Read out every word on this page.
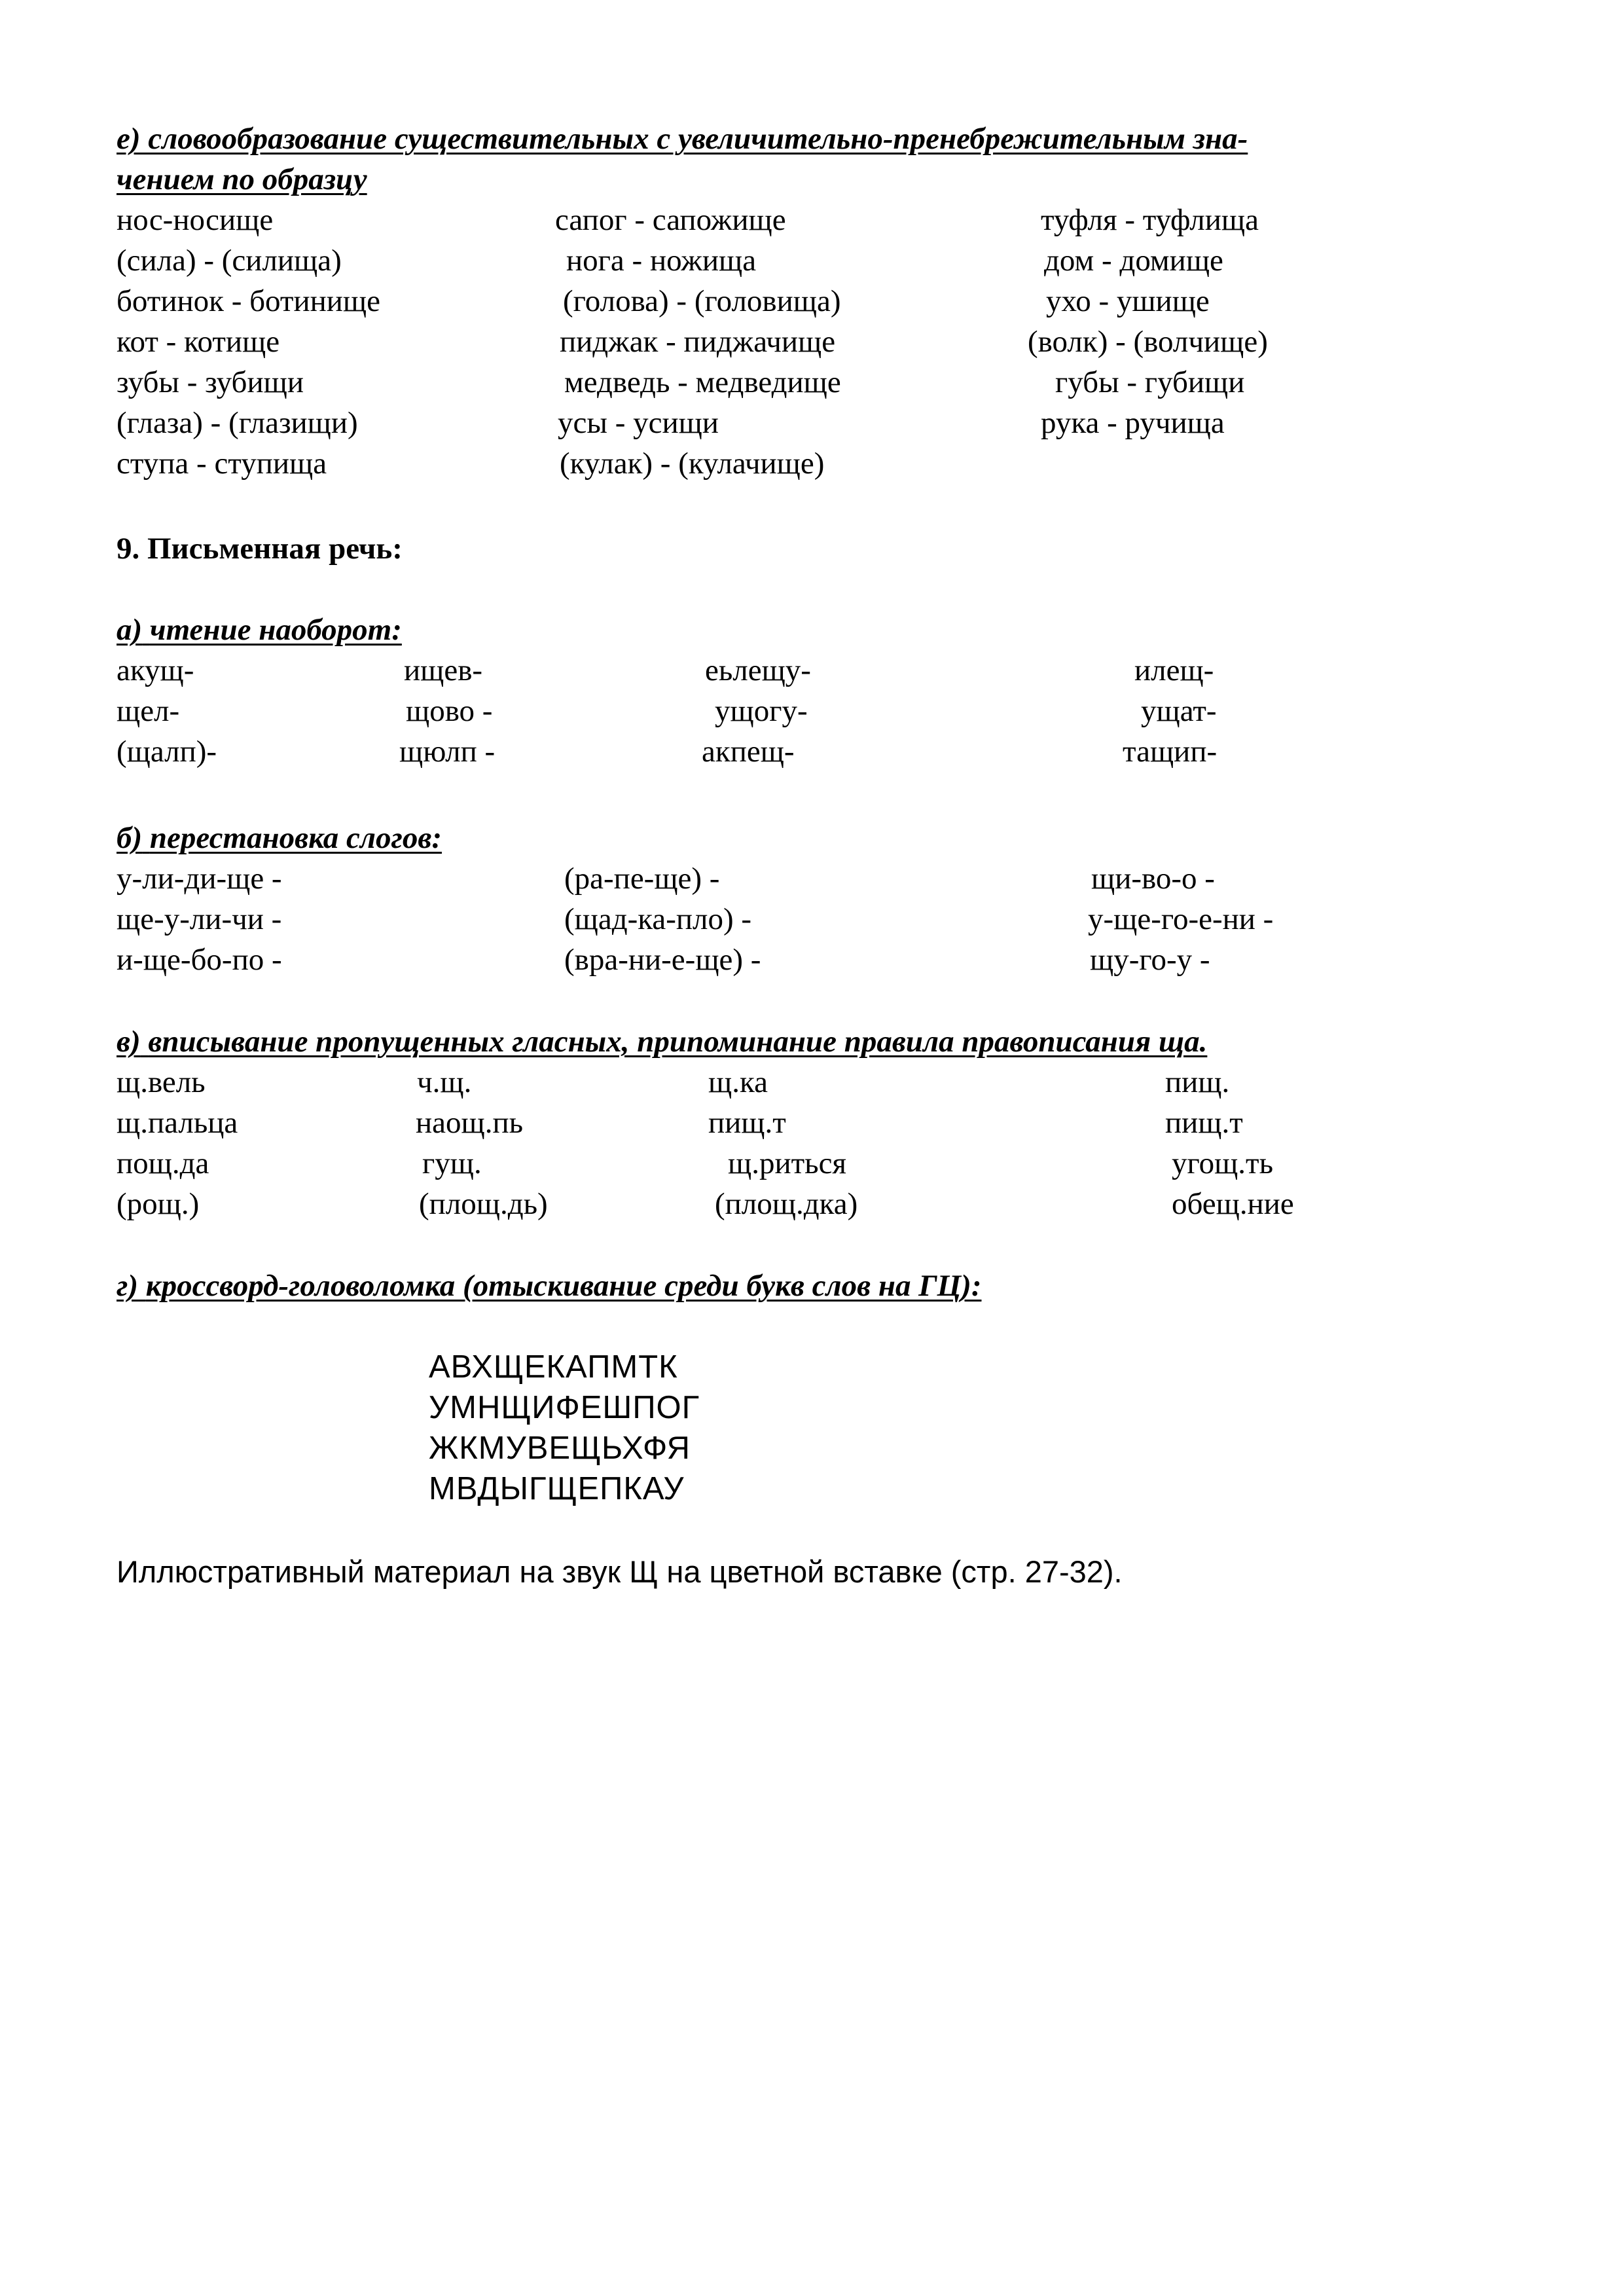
е) словообразование существительных с увеличительно-пренебрежительным зна-
чением по образцу
нос-носище	сапог - сапожище	туфля - туфлища
(сила) - (силища)	нога - ножища	дом - домище
ботинок - ботинище	(голова) - (головища)	ухо - ушище
кот - котище	пиджак - пиджачище	(волк) - (волчище)
зубы - зубищи	медведь - медведище	губы - губищи
(глаза) - (глазищи)	усы - усищи	рука - ручища
ступа - ступища	(кулак) - (кулачище)
9. Письменная речь:
а) чтение наоборот:
акущ-	ищев-	еьлещу-	илещ-
щел-	щово -	ущогу-	ущат-
(щалп)-	щюлп -	акпещ-	тащип-
б) перестановка слогов:
у-ли-ди-ще -	(ра-пе-ще) -	щи-во-о -
ще-у-ли-чи -	(щад-ка-пло) -	у-ще-го-е-ни -
и-ще-бо-по -	(вра-ни-е-ще) -	щу-го-у -
в) вписывание пропущенных гласных, припоминание правила правописания ща.
щ.вель	ч.щ.	щ.ка	пищ.
щ.пальца	наощ.пь	пищ.т	пищ.т
пощ.да	гущ.	щ.риться	угощ.ть
(рощ.)	(площ.дь)	(площ.дка)	обещ.ние
г) кроссворд-головоломка (отыскивание среди букв слов на ГЦ):
АВХЩЕКАПМТК
УМНЩИФЕШПОГ
ЖКМУВЕЩЬХФЯ
МВДЫГЩЕПКАУ
Иллюстративный материал на звук Щ на цветной вставке (стр. 27-32).
